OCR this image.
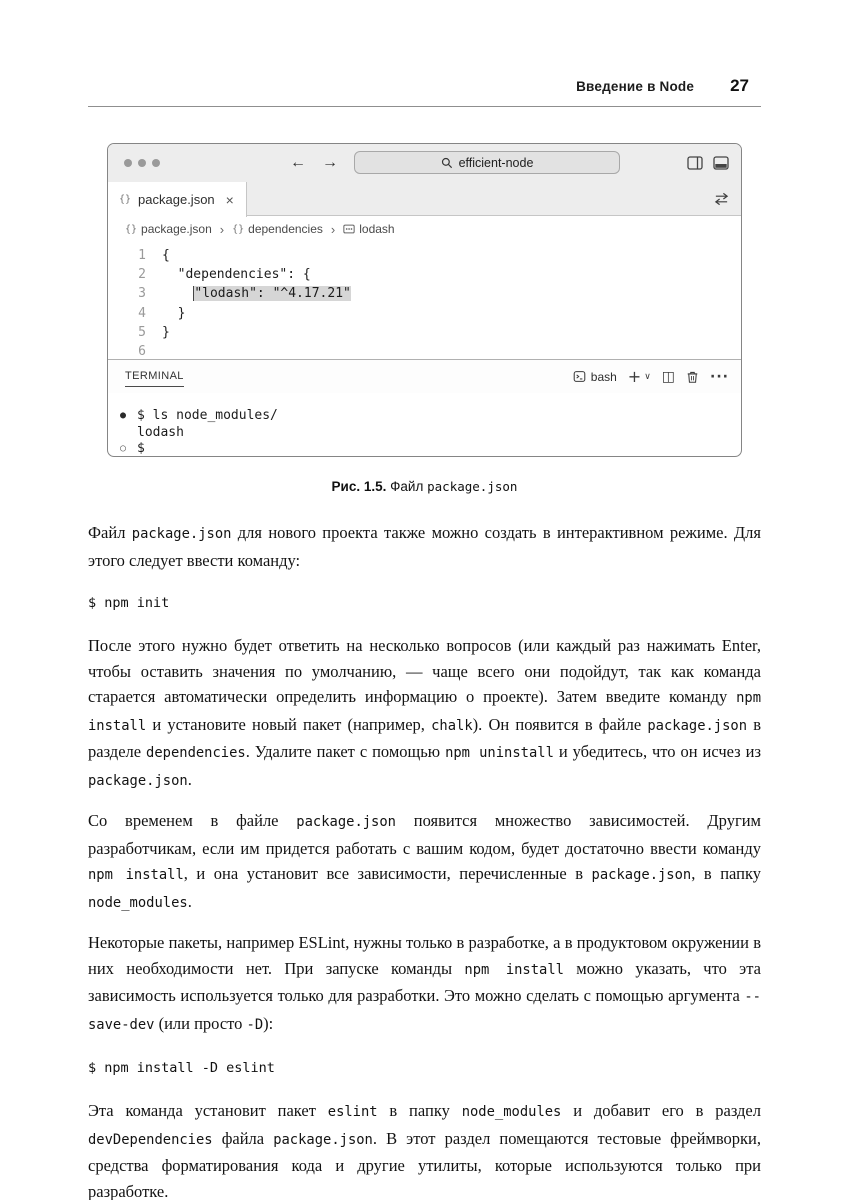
Введение в Node 27
← →	efficient-node
{} package.json ×
{} package.json › {} dependencies › lodash
1	{
2	"dependencies": {
3	"lodash": "^4.17.21"
4	}
5	}
6
TERMINAL	bash + ∨ ◫	···
● $ ls node_modules/
lodash
○ $
Рис. 1.5. Файл package.json

Файл package.json для нового проекта также можно создать в интерактивном режиме. Для этого следует ввести команду:

$ npm init

После этого нужно будет ответить на несколько вопросов (или каждый раз нажимать Enter, чтобы оставить значения по умолчанию, — чаще всего они подойдут, так как команда старается автоматически определить информацию о проекте). Затем введите команду npm install и установите новый пакет (например, chalk). Он появится в файле package.json в разделе dependencies. Удалите пакет с помощью npm uninstall и убедитесь, что он исчез из package.json.

Со временем в файле package.json появится множество зависимостей. Другим разработчикам, если им придется работать с вашим кодом, будет достаточно ввести команду npm install, и она установит все зависимости, перечисленные в package.json, в папку node_modules.

Некоторые пакеты, например ESLint, нужны только в разработке, а в продуктовом окружении в них необходимости нет. При запуске команды npm install можно указать, что эта зависимость используется только для разработки. Это можно сделать с помощью аргумента --save-dev (или просто -D):

$ npm install -D eslint

Эта команда установит пакет eslint в папку node_modules и добавит его в раздел devDependencies файла package.json. В этот раздел помещаются тестовые фреймворки, средства форматирования кода и другие утилиты, которые используются только при разработке.
